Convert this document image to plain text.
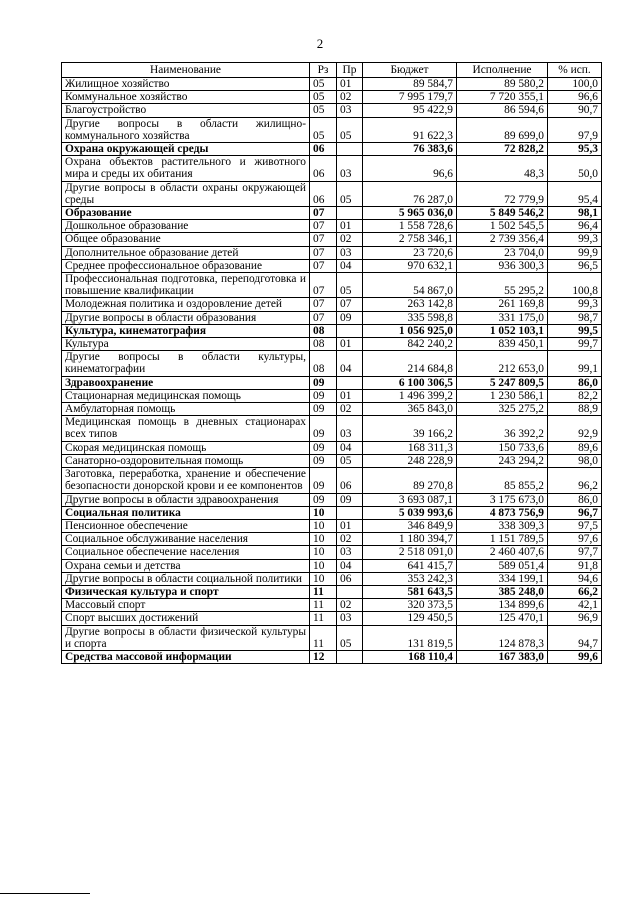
2
Наименование	Рз	Пр	Бюджет	Исполнение	% исп.
Жилищное хозяйство	05	01	89 584,7	89 580,2	100,0
Коммунальное хозяйство	05	02	7 995 179,7	7 720 355,1	96,6
Благоустройство	05	03	95 422,9	86 594,6	90,7
Другие вопросы в области жилищно-коммунального хозяйства	05	05	91 622,3	89 699,0	97,9
Охрана окружающей среды	06		76 383,6	72 828,2	95,3
Охрана объектов растительного и животного мира и среды их обитания	06	03	96,6	48,3	50,0
Другие вопросы в области охраны окружающей среды	06	05	76 287,0	72 779,9	95,4
Образование	07		5 965 036,0	5 849 546,2	98,1
Дошкольное образование	07	01	1 558 728,6	1 502 545,5	96,4
Общее образование	07	02	2 758 346,1	2 739 356,4	99,3
Дополнительное образование детей	07	03	23 720,6	23 704,0	99,9
Среднее профессиональное образование	07	04	970 632,1	936 300,3	96,5
Профессиональная подготовка, переподготовка и повышение квалификации	07	05	54 867,0	55 295,2	100,8
Молодежная политика и оздоровление детей	07	07	263 142,8	261 169,8	99,3
Другие вопросы в области образования	07	09	335 598,8	331 175,0	98,7
Культура, кинематография	08		1 056 925,0	1 052 103,1	99,5
Культура	08	01	842 240,2	839 450,1	99,7
Другие вопросы в области культуры, кинематографии	08	04	214 684,8	212 653,0	99,1
Здравоохранение	09		6 100 306,5	5 247 809,5	86,0
Стационарная медицинская помощь	09	01	1 496 399,2	1 230 586,1	82,2
Амбулаторная помощь	09	02	365 843,0	325 275,2	88,9
Медицинская помощь в дневных стационарах всех типов	09	03	39 166,2	36 392,2	92,9
Скорая медицинская помощь	09	04	168 311,3	150 733,6	89,6
Санаторно-оздоровительная помощь	09	05	248 228,9	243 294,2	98,0
Заготовка, переработка, хранение и обеспечение безопасности донорской крови и ее компонентов	09	06	89 270,8	85 855,2	96,2
Другие вопросы в области здравоохранения	09	09	3 693 087,1	3 175 673,0	86,0
Социальная политика	10		5 039 993,6	4 873 756,9	96,7
Пенсионное обеспечение	10	01	346 849,9	338 309,3	97,5
Социальное обслуживание населения	10	02	1 180 394,7	1 151 789,5	97,6
Социальное обеспечение населения	10	03	2 518 091,0	2 460 407,6	97,7
Охрана семьи и детства	10	04	641 415,7	589 051,4	91,8
Другие вопросы в области социальной политики	10	06	353 242,3	334 199,1	94,6
Физическая культура и спорт	11		581 643,5	385 248,0	66,2
Массовый спорт	11	02	320 373,5	134 899,6	42,1
Спорт высших достижений	11	03	129 450,5	125 470,1	96,9
Другие вопросы в области физической культуры и спорта	11	05	131 819,5	124 878,3	94,7
Средства массовой информации	12		168 110,4	167 383,0	99,6
